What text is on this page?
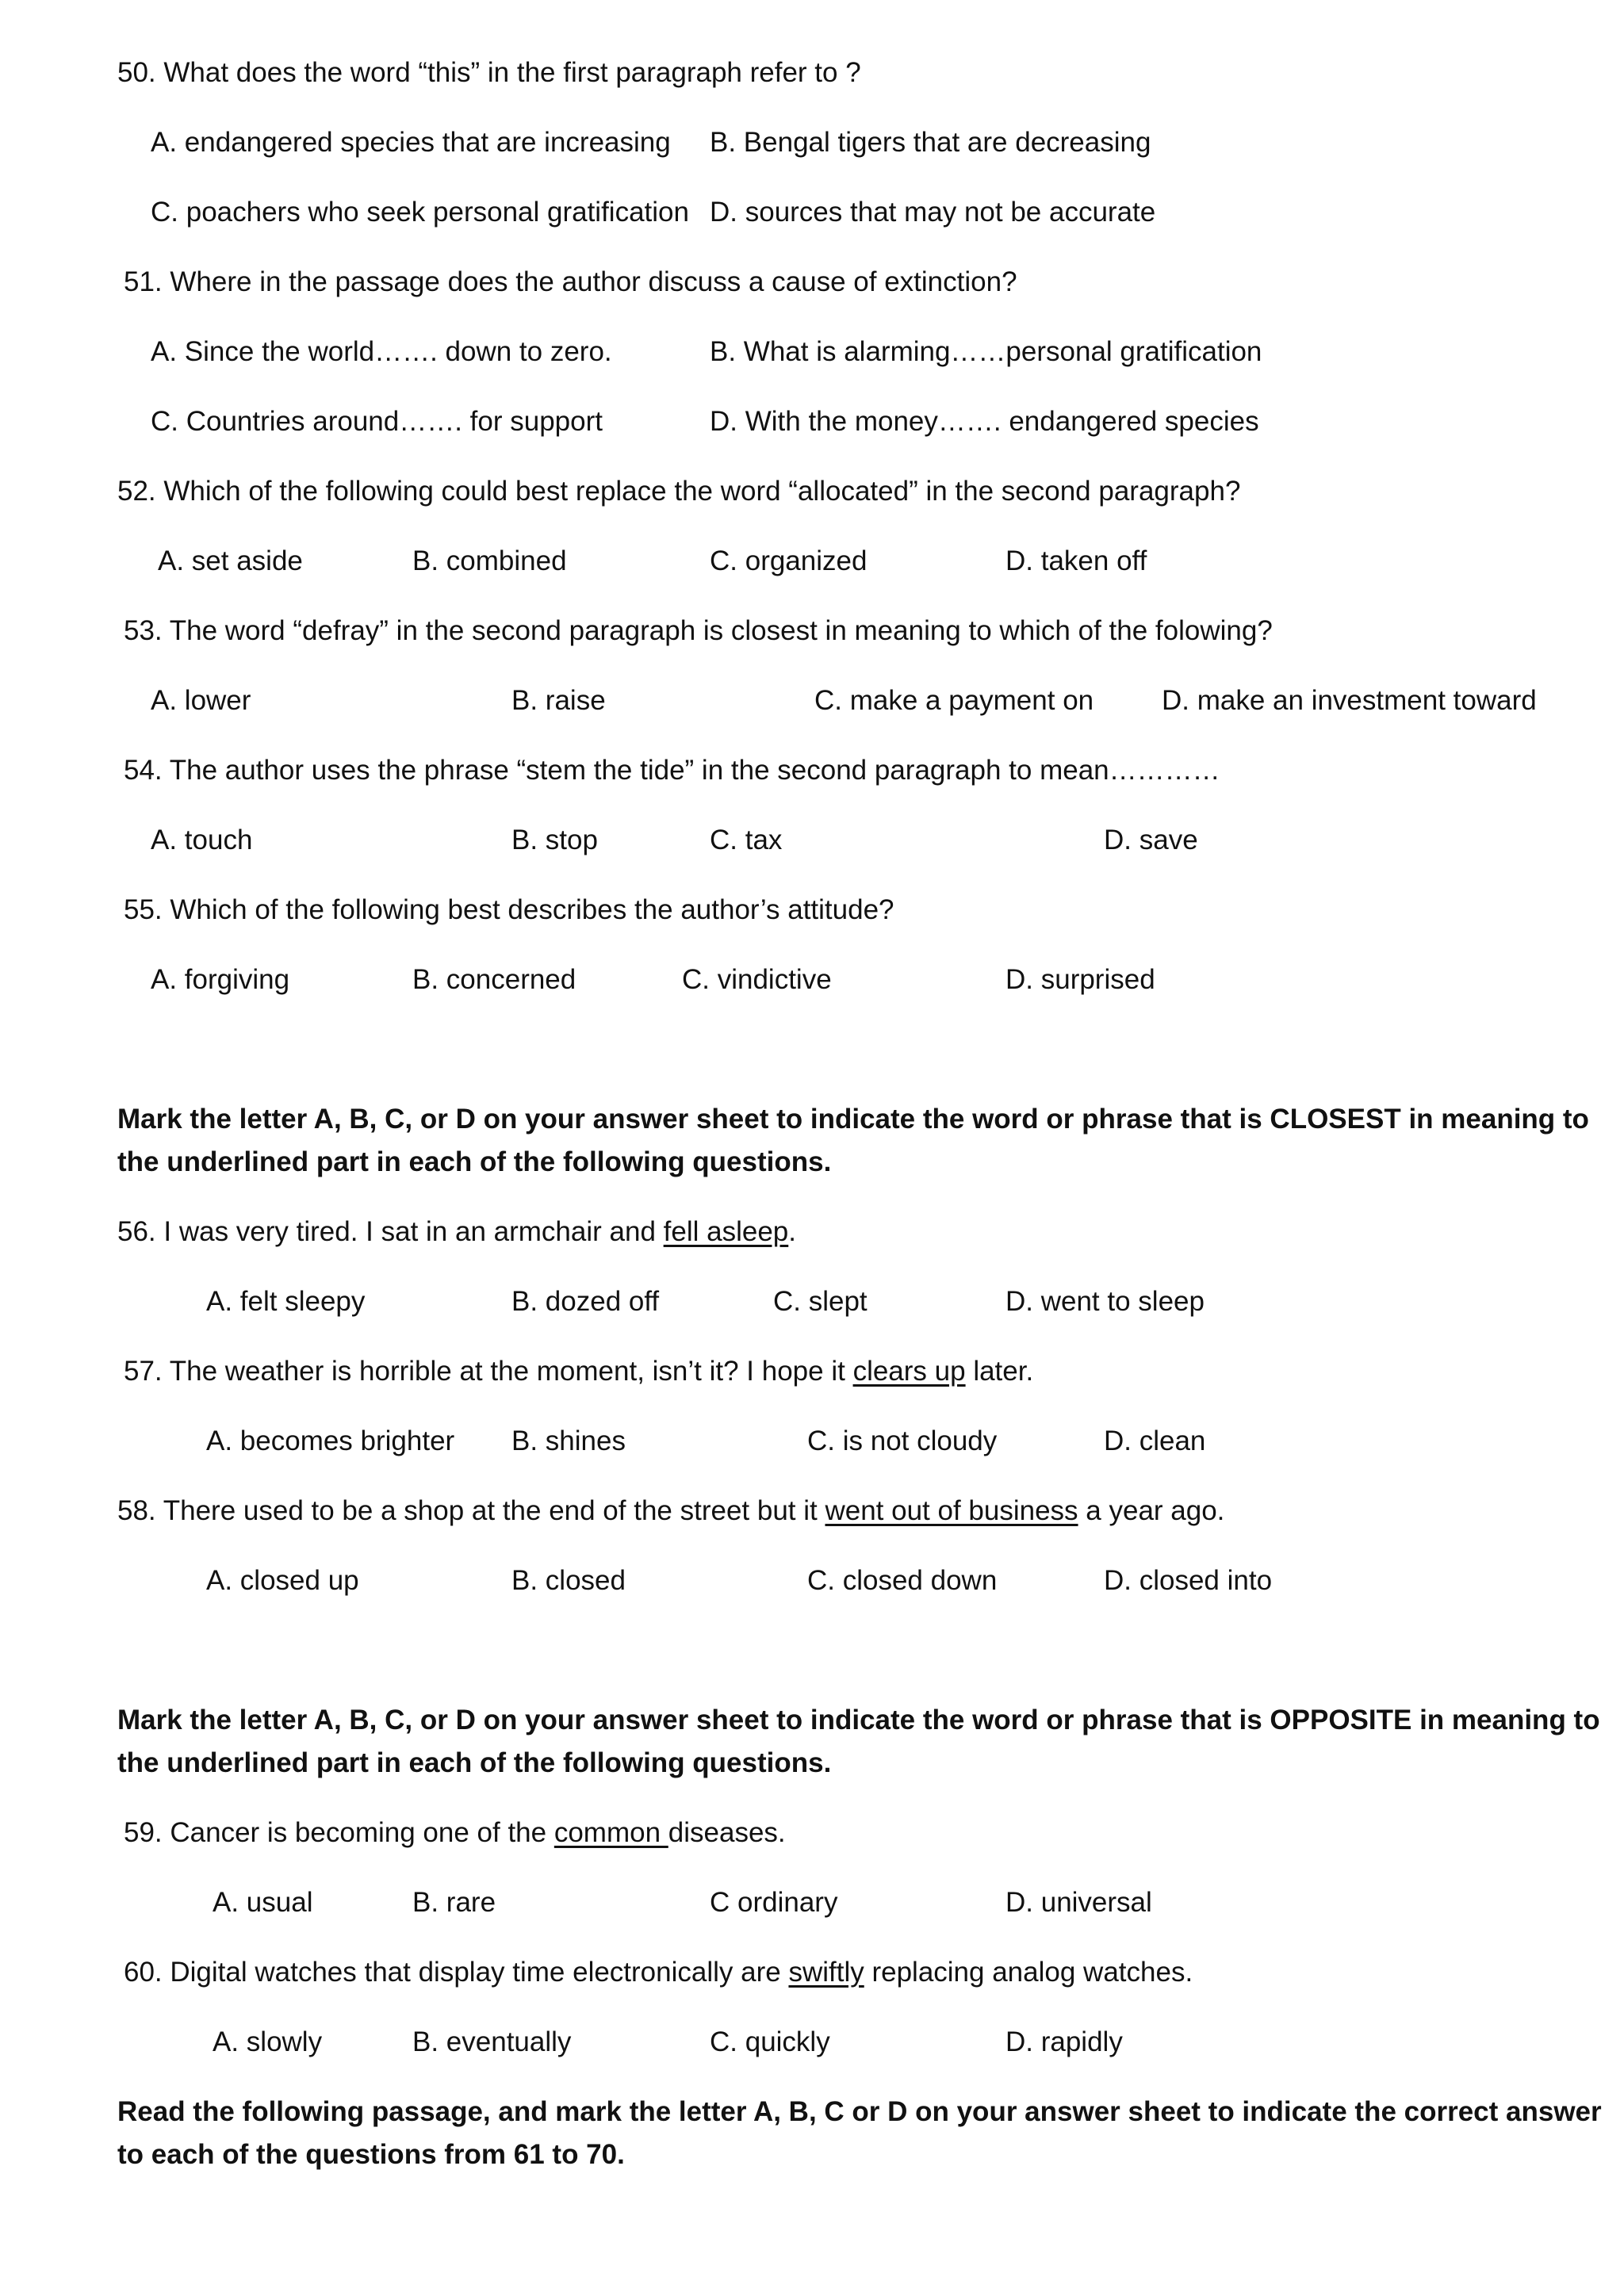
50. What does the word “this” in the first paragraph refer to ?
A. endangered species that are increasing B. Bengal tigers that are decreasing
C. poachers who seek personal gratification D. sources that may not be accurate
51. Where in the passage does the author discuss a cause of extinction?
A. Since the world……. down to zero.	B. What is alarming……personal gratification
C. Countries around……. for support	D. With the money……. endangered species
52. Which of the following could best replace the word “allocated” in the second paragraph?
A. set aside	B. combined	C. organized	D. taken off
53. The word “defray” in the second paragraph is closest in meaning to which of the folowing?
A. lower	B. raise	C. make a payment on D. make an investment toward
54. The author uses the phrase “stem the tide” in the second paragraph to mean…………
A. touch	B. stop	C. tax	D. save
55. Which of the following best describes the author’s attitude?
A. forgiving	B. concerned	C. vindictive	D. surprised
Mark the letter A, B, C, or D on your answer sheet to indicate the word or phrase that is CLOSEST in meaning to
the underlined part in each of the following questions.
56. I was very tired. I sat in an armchair and fell asleep.
A. felt sleepy	B. dozed off	C. slept	D. went to sleep
57. The weather is horrible at the moment, isn’t it? I hope it clears up later.
A. becomes brighter B. shines	C. is not cloudy	D. clean
58. There used to be a shop at the end of the street but it went out of business a year ago.
A. closed up	B. closed	C. closed down	D. closed into
Mark the letter A, B, C, or D on your answer sheet to indicate the word or phrase that is OPPOSITE in meaning to
the underlined part in each of the following questions.
59. Cancer is becoming one of the common diseases.
A. usual	B. rare	C ordinary	D. universal
60. Digital watches that display time electronically are swiftly replacing analog watches.
A. slowly	B. eventually	C. quickly	D. rapidly
Read the following passage, and mark the letter A, B, C or D on your answer sheet to indicate the correct answer
to each of the questions from 61 to 70.
